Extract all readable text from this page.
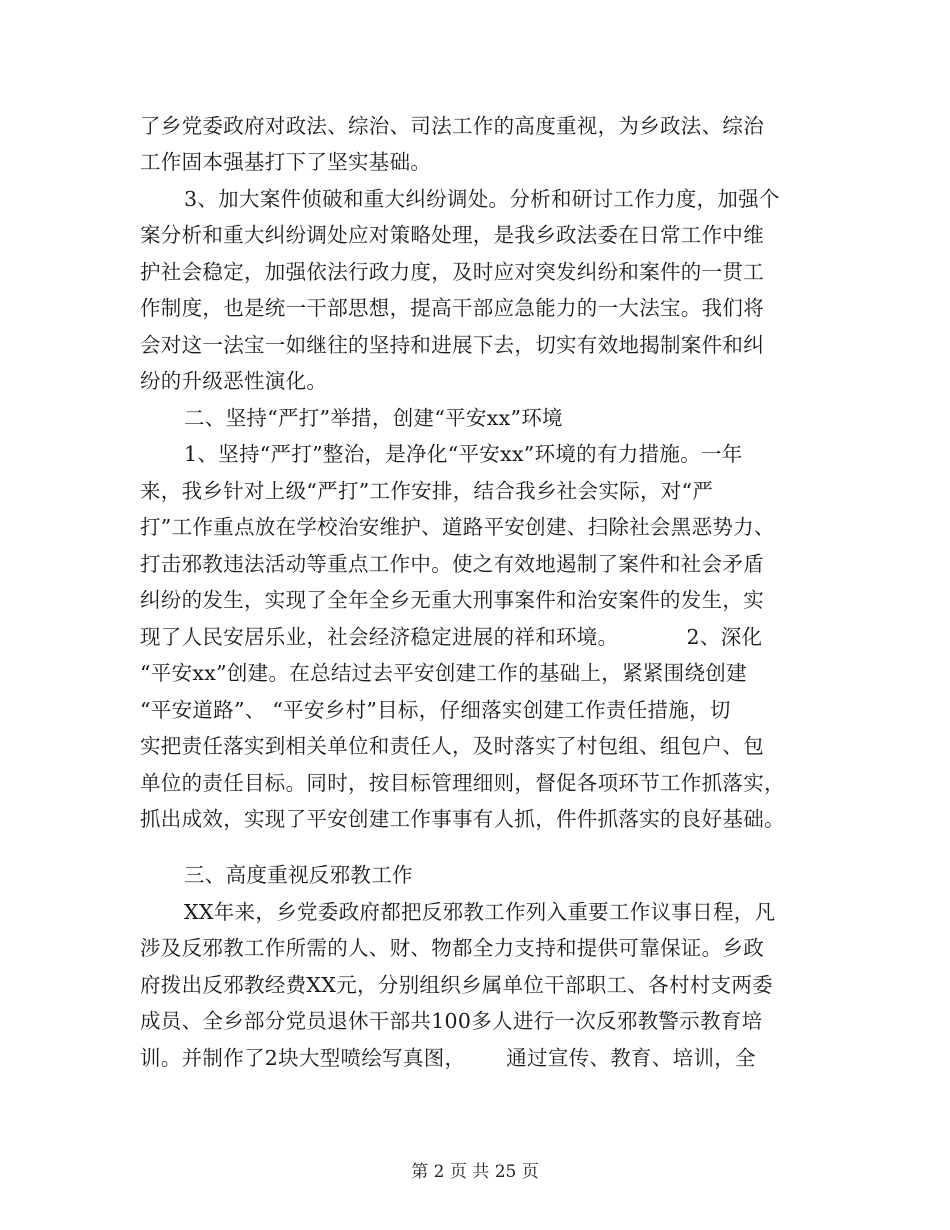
了乡党委政府对政法、综治、司法工作的高度重视，为乡政法、综治
工作固本强基打下了坚实基础。
3、加大案件侦破和重大纠纷调处。分析和研讨工作力度，加强个
案分析和重大纠纷调处应对策略处理，是我乡政法委在日常工作中维
护社会稳定，加强依法行政力度，及时应对突发纠纷和案件的一贯工
作制度，也是统一干部思想，提高干部应急能力的一大法宝。我们将
会对这一法宝一如继往的坚持和进展下去，切实有效地揭制案件和纠
纷的升级恶性演化。
二、坚持“严打”举措，创建“平安xx”环境
1、坚持“严打”整治，是净化“平安xx”环境的有力措施。一年
来，我乡针对上级“严打”工作安排，结合我乡社会实际，对“严
打”工作重点放在学校治安维护、道路平安创建、扫除社会黑恶势力、
打击邪教违法活动等重点工作中。使之有效地遏制了案件和社会矛盾
纠纷的发生，实现了全年全乡无重大刑事案件和治安案件的发生，实
现了人民安居乐业，社会经济稳定进展的祥和环境。          2、深化
“平安xx”创建。在总结过去平安创建工作的基础上，紧紧围绕创建
“平安道路”、 “平安乡村”目标，仔细落实创建工作责任措施，切
实把责任落实到相关单位和责任人，及时落实了村包组、组包户、包
单位的责任目标。同时，按目标管理细则，督促各项环节工作抓落实，
抓出成效，实现了平安创建工作事事有人抓，件件抓落实的良好基础。
三、高度重视反邪教工作
XX年来，乡党委政府都把反邪教工作列入重要工作议事日程，凡
涉及反邪教工作所需的人、财、物都全力支持和提供可靠保证。乡政
府拨出反邪教经费XX元，分别组织乡属单位干部职工、各村村支两委
成员、全乡部分党员退休干部共100多人进行一次反邪教警示教育培
训。并制作了2块大型喷绘写真图，      通过宣传、教育、培训，全
第 2 页 共 25 页
